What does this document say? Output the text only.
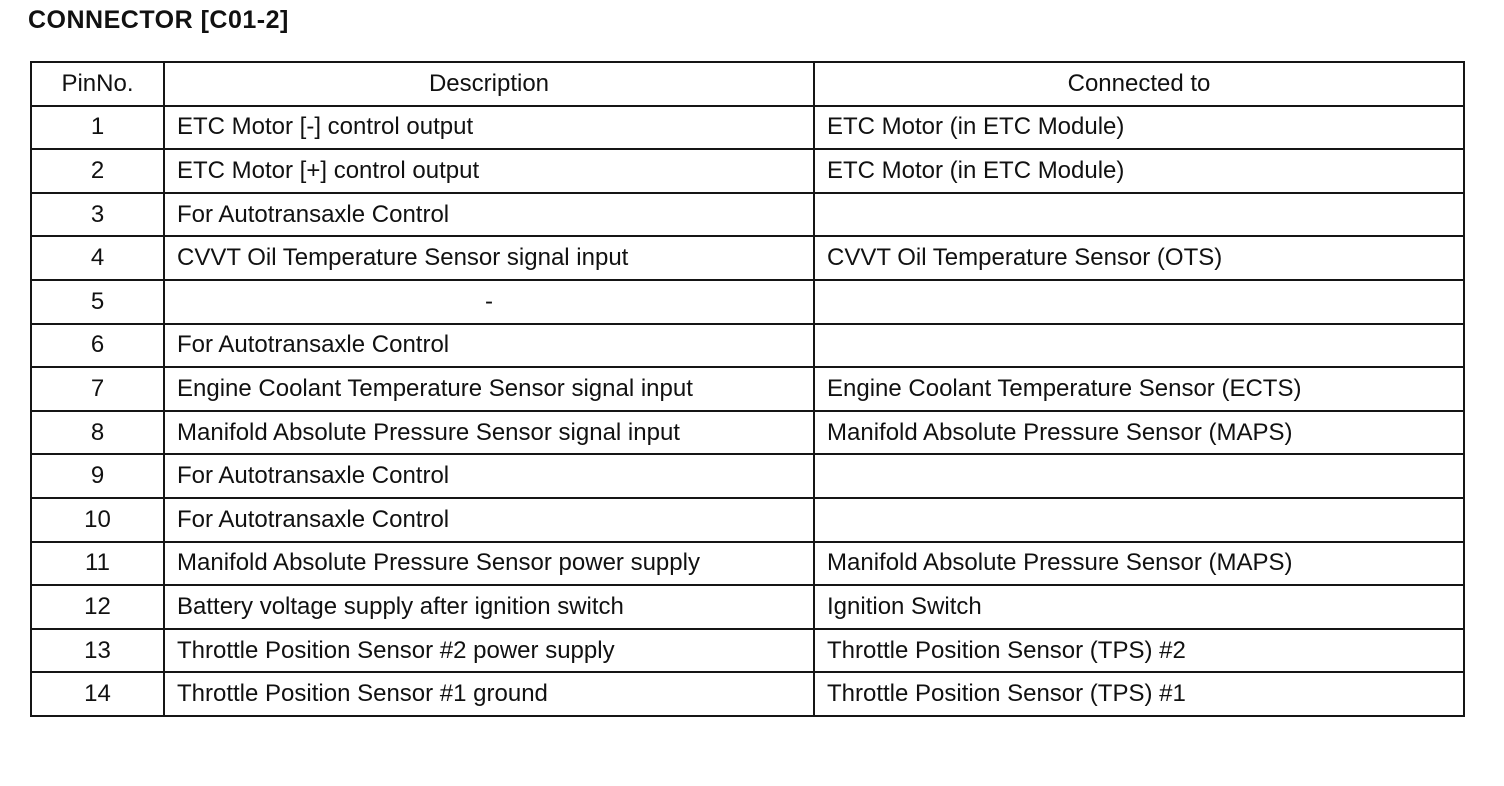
CONNECTOR [C01-2]
PinNo.	Description	Connected to
1	ETC Motor [-] control output	ETC Motor (in ETC Module)
2	ETC Motor [+] control output	ETC Motor (in ETC Module)
3	For Autotransaxle Control	
4	CVVT Oil Temperature Sensor signal input	CVVT Oil Temperature Sensor (OTS)
5	-	
6	For Autotransaxle Control	
7	Engine Coolant Temperature Sensor signal input	Engine Coolant Temperature Sensor (ECTS)
8	Manifold Absolute Pressure Sensor signal input	Manifold Absolute Pressure Sensor (MAPS)
9	For Autotransaxle Control	
10	For Autotransaxle Control	
11	Manifold Absolute Pressure Sensor power supply	Manifold Absolute Pressure Sensor (MAPS)
12	Battery voltage supply after ignition switch	Ignition Switch
13	Throttle Position Sensor #2 power supply	Throttle Position Sensor (TPS) #2
14	Throttle Position Sensor #1 ground	Throttle Position Sensor (TPS) #1
